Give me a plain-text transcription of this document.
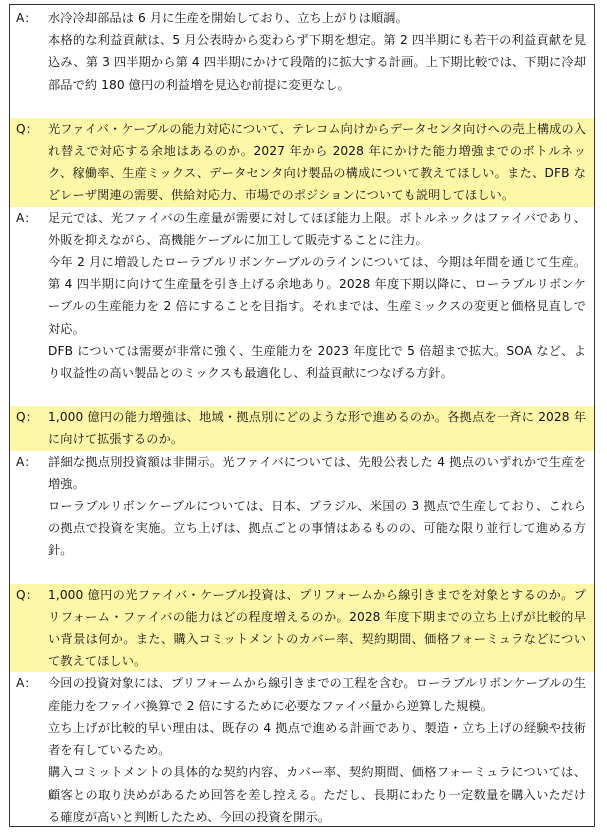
A： 水冷冷却部品は 6 月に生産を開始しており、立ち上がりは順調。

本格的な利益貢献は、5 月公表時から変わらず下期を想定。第 2 四半期にも若干の利益貢献を見込み、第 3 四半期から第 4 四半期にかけて段階的に拡大する計画。上下期比較では、下期に冷却部品で約 180 億円の利益増を見込む前提に変更なし。

Q： 光ファイバ・ケーブルの能力対応について、テレコム向けからデータセンタ向けへの売上構成の入れ替えで対応する余地はあるのか。2027 年から 2028 年にかけた能力増強までのボトルネック、稼働率、生産ミックス、データセンタ向け製品の構成について教えてほしい。また、DFB などレーザ関連の需要、供給対応力、市場でのポジションについても説明してほしい。

A： 足元では、光ファイバの生産量が需要に対してほぼ能力上限。ボトルネックはファイバであり、外販を抑えながら、高機能ケーブルに加工して販売することに注力。

今年 2 月に増設したローラブルリボンケーブルのラインについては、今期は年間を通じて生産。第 4 四半期に向けて生産量を引き上げる余地あり。2028 年度下期以降に、ローラブルリボンケーブルの生産能力を 2 倍にすることを目指す。それまでは、生産ミックスの変更と価格見直しで対応。

DFB については需要が非常に強く、生産能力を 2023 年度比で 5 倍超まで拡大。SOA など、より収益性の高い製品とのミックスも最適化し、利益貢献につなげる方針。

Q： 1,000 億円の能力増強は、地域・拠点別にどのような形で進めるのか。各拠点を一斉に 2028 年に向けて拡張するのか。

A： 詳細な拠点別投資額は非開示。光ファイバについては、先般公表した 4 拠点のいずれかで生産を増強。

ローラブルリボンケーブルについては、日本、ブラジル、米国の 3 拠点で生産しており、これらの拠点で投資を実施。立ち上げは、拠点ごとの事情はあるものの、可能な限り並行して進める方針。

Q： 1,000 億円の光ファイバ・ケーブル投資は、プリフォームから線引きまでを対象とするのか。プリフォーム・ファイバの能力はどの程度増えるのか。2028 年度下期までの立ち上げが比較的早い背景は何か。また、購入コミットメントのカバー率、契約期間、価格フォーミュラなどについて教えてほしい。

A： 今回の投資対象には、プリフォームから線引きまでの工程を含む。ローラブルリボンケーブルの生産能力をファイバ換算で 2 倍にするために必要なファイバ量から逆算した規模。

立ち上げが比較的早い理由は、既存の 4 拠点で進める計画であり、製造・立ち上げの経験や技術者を有しているため。

購入コミットメントの具体的な契約内容、カバー率、契約期間、価格フォーミュラについては、顧客との取り決めがあるため回答を差し控える。ただし、長期にわたり一定数量を購入いただける確度が高いと判断したため、今回の投資を開示。
